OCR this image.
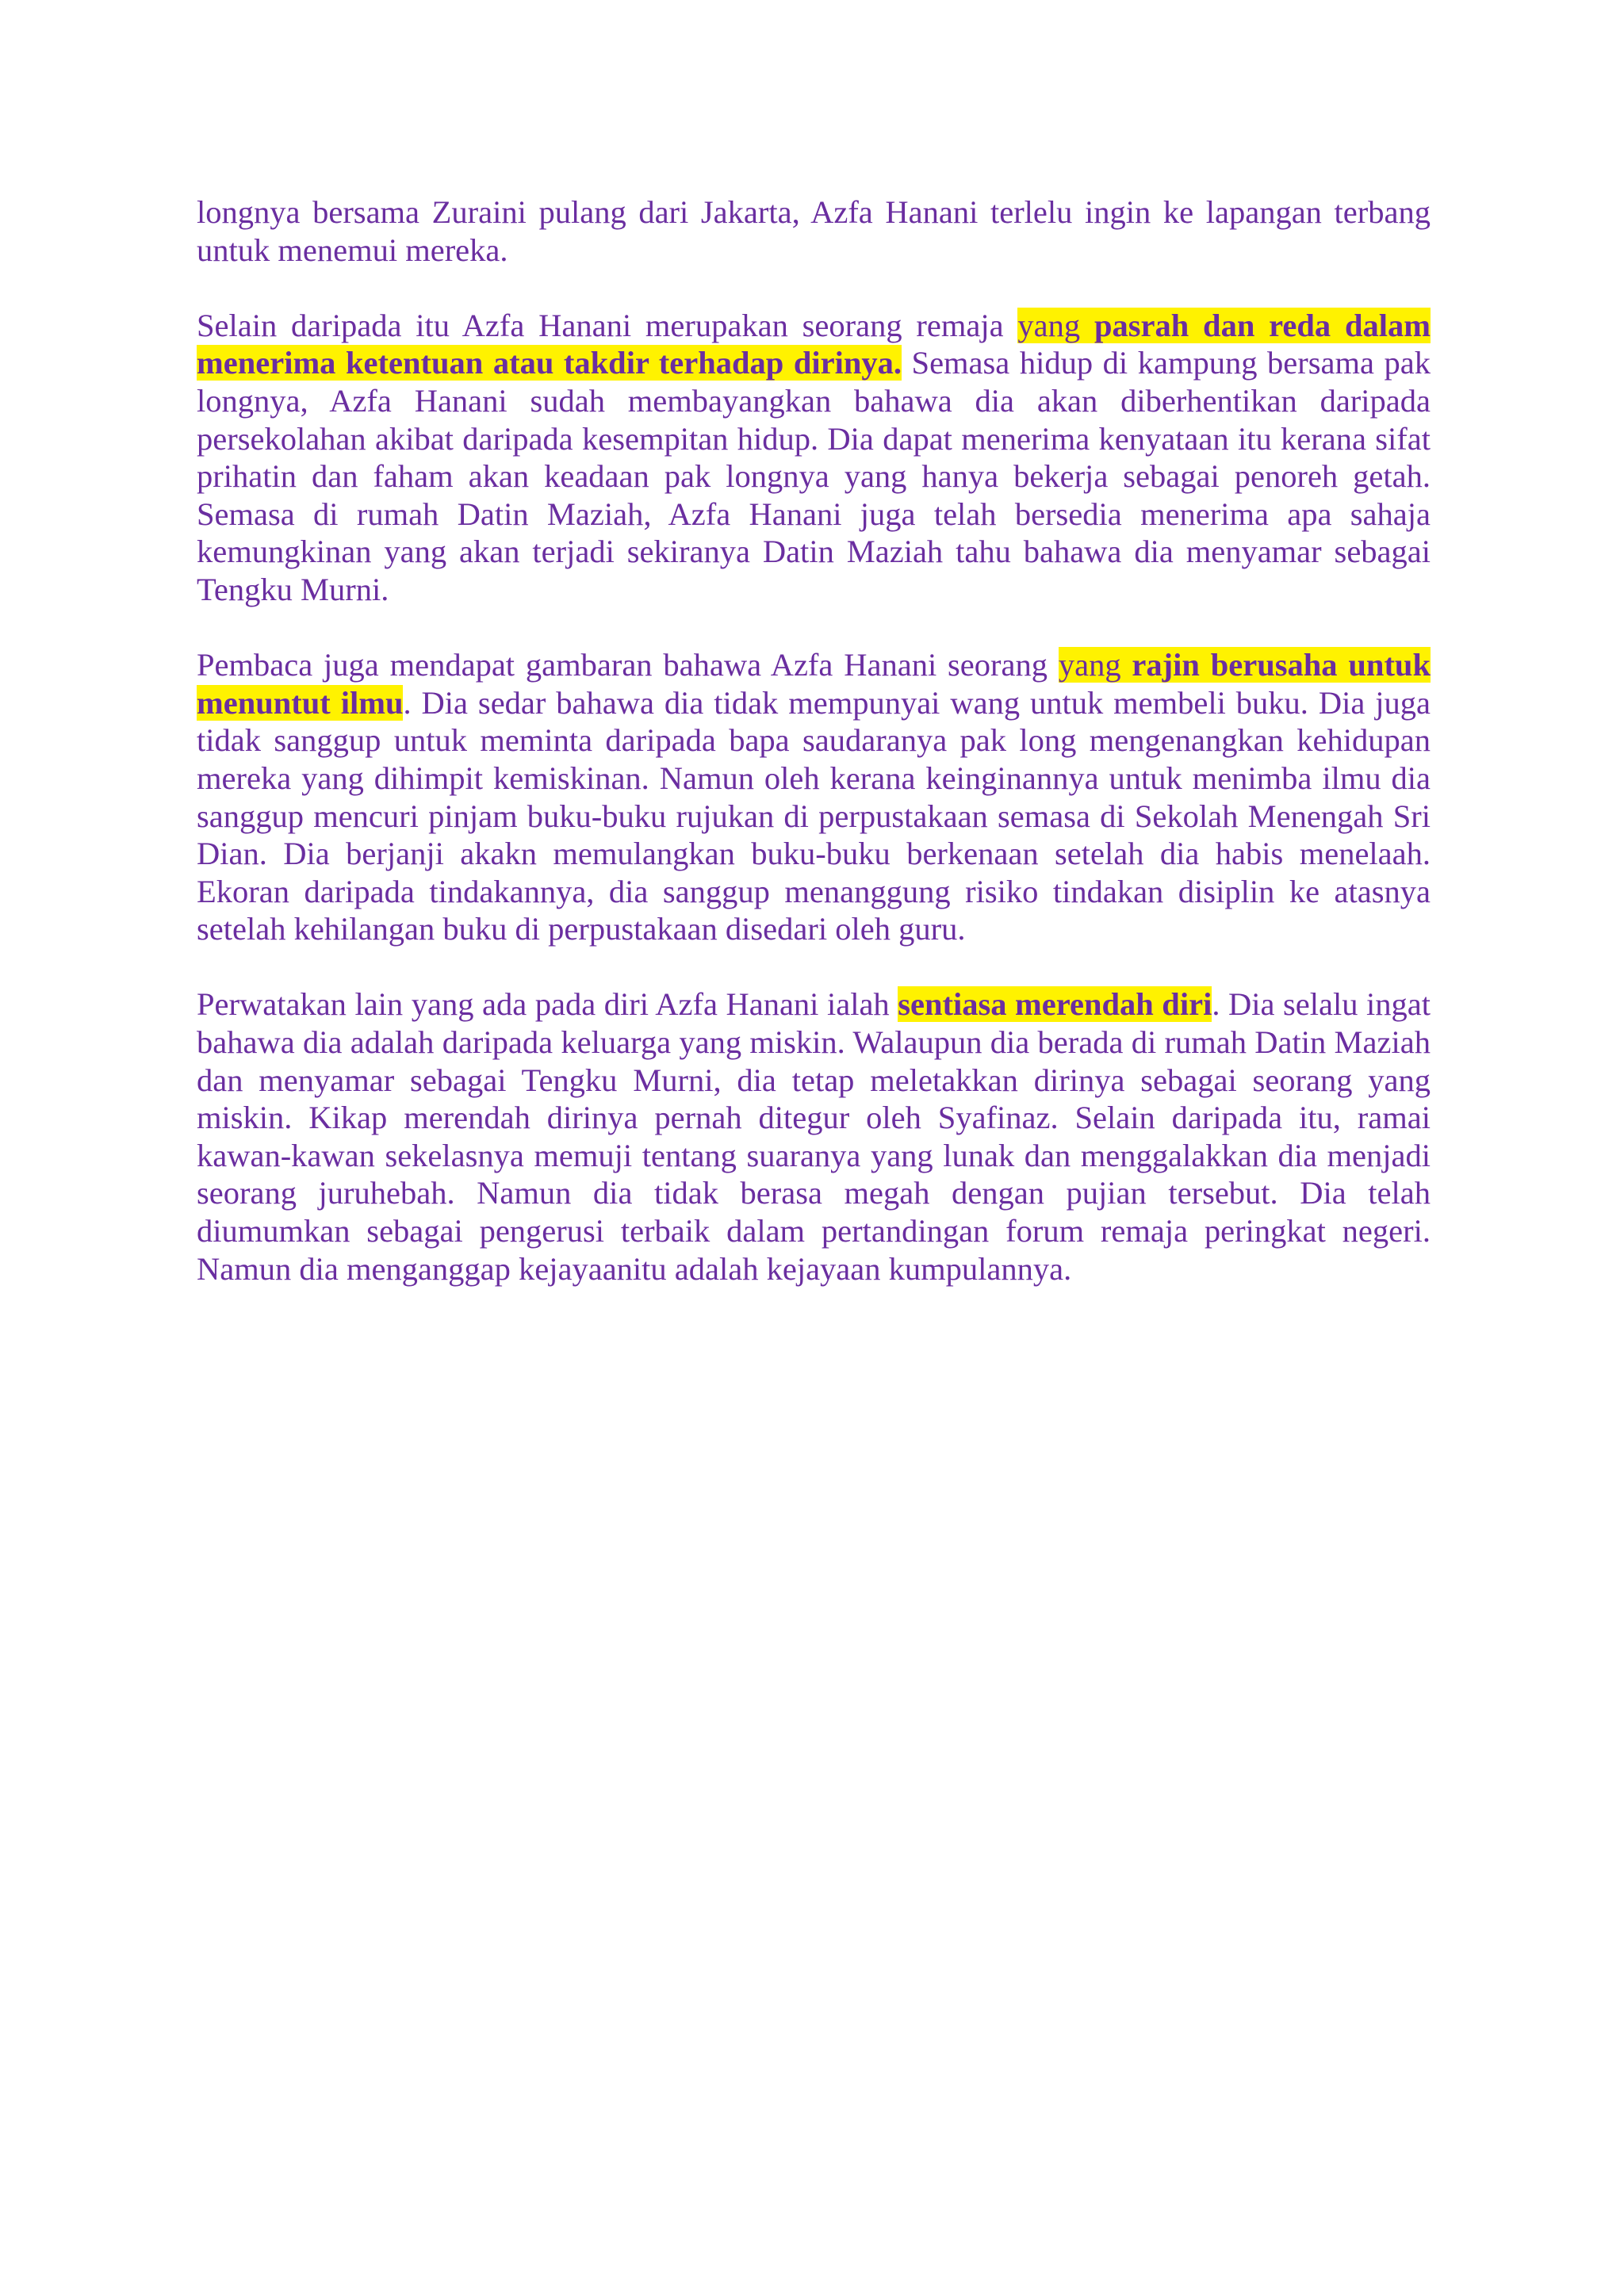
longnya bersama Zuraini pulang dari Jakarta, Azfa Hanani terlelu ingin ke lapangan terbang untuk menemui mereka.

Selain daripada itu Azfa Hanani merupakan seorang remaja yang pasrah dan reda dalam menerima ketentuan atau takdir terhadap dirinya. Semasa hidup di kampung bersama pak longnya, Azfa Hanani sudah membayangkan bahawa dia akan diberhentikan daripada persekolahan akibat daripada kesempitan hidup. Dia dapat menerima kenyataan itu kerana sifat prihatin dan faham akan keadaan pak longnya yang hanya bekerja sebagai penoreh getah. Semasa di rumah Datin Maziah, Azfa Hanani juga telah bersedia menerima apa sahaja kemungkinan yang akan terjadi sekiranya Datin Maziah tahu bahawa dia menyamar sebagai Tengku Murni.

Pembaca juga mendapat gambaran bahawa Azfa Hanani seorang yang rajin berusaha untuk menuntut ilmu. Dia sedar bahawa dia tidak mempunyai wang untuk membeli buku. Dia juga tidak sanggup untuk meminta daripada bapa saudaranya pak long mengenangkan kehidupan mereka yang dihimpit kemiskinan. Namun oleh kerana keinginannya untuk menimba ilmu dia sanggup mencuri pinjam buku-buku rujukan di perpustakaan semasa di Sekolah Menengah Sri Dian. Dia berjanji akakn memulangkan buku-buku berkenaan setelah dia habis menelaah. Ekoran daripada tindakannya, dia sanggup menanggung risiko tindakan disiplin ke atasnya setelah kehilangan buku di perpustakaan disedari oleh guru.

Perwatakan lain yang ada pada diri Azfa Hanani ialah sentiasa merendah diri. Dia selalu ingat bahawa dia adalah daripada keluarga yang miskin. Walaupun dia berada di rumah Datin Maziah dan menyamar sebagai Tengku Murni, dia tetap meletakkan dirinya sebagai seorang yang miskin. Kikap merendah dirinya pernah ditegur oleh Syafinaz. Selain daripada itu, ramai kawan-kawan sekelasnya memuji tentang suaranya yang lunak dan menggalakkan dia menjadi seorang juruhebah. Namun dia tidak berasa megah dengan pujian tersebut. Dia telah diumumkan sebagai pengerusi terbaik dalam pertandingan forum remaja peringkat negeri. Namun dia menganggap kejayaanitu adalah kejayaan kumpulannya.
